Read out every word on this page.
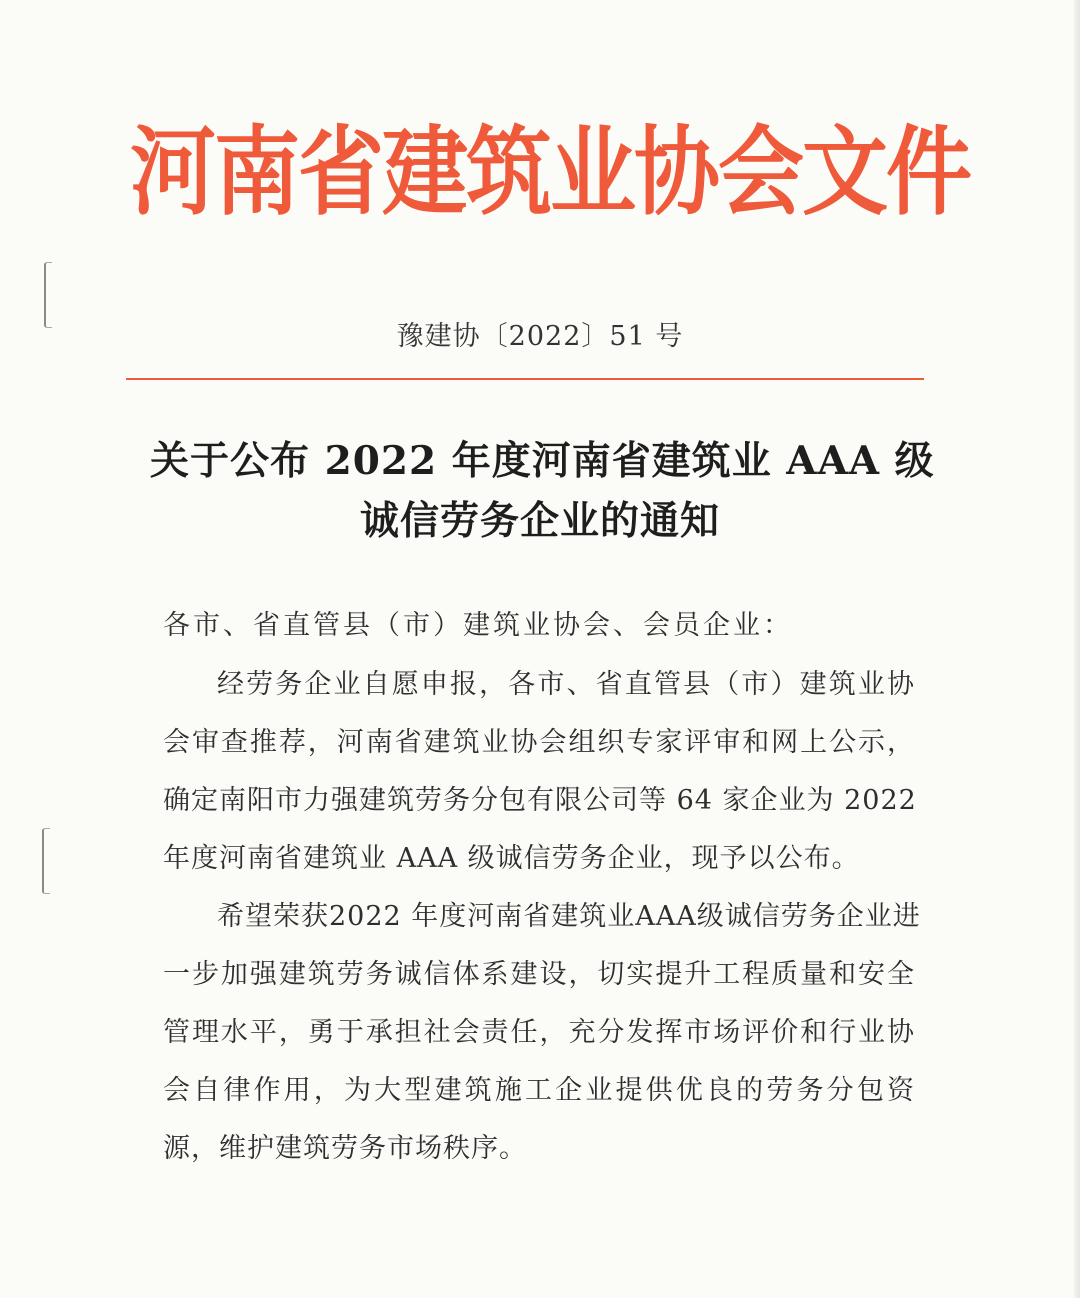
河南省建筑业协会文件
豫建协〔2022〕51 号
关于公布 2022 年度河南省建筑业 AAA 级
诚信劳务企业的通知
各市、省直管县（市）建筑业协会、会员企业：
经劳务企业自愿申报，各市、省直管县（市）建筑业协
会审查推荐，河南省建筑业协会组织专家评审和网上公示，
确定南阳市力强建筑劳务分包有限公司等 64 家企业为 2022
年度河南省建筑业 AAA 级诚信劳务企业，现予以公布。
希望荣获2022 年度河南省建筑业AAA级诚信劳务企业进
一步加强建筑劳务诚信体系建设，切实提升工程质量和安全
管理水平，勇于承担社会责任，充分发挥市场评价和行业协
会自律作用，为大型建筑施工企业提供优良的劳务分包资
源，维护建筑劳务市场秩序。
